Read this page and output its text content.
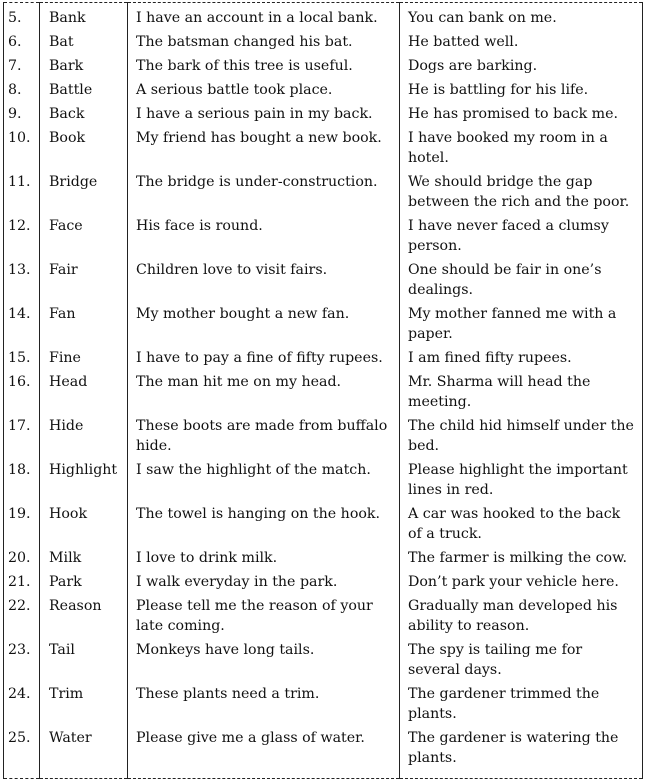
5.	Bank	I have an account in a local bank.	You can bank on me.
6.	Bat	The batsman changed his bat.	He batted well.
7.	Bark	The bark of this tree is useful.	Dogs are barking.
8.	Battle	A serious battle took place.	He is battling for his life.
9.	Back	I have a serious pain in my back.	He has promised to back me.
10.	Book	My friend has bought a new book.	I have booked my room in a hotel.
11.	Bridge	The bridge is under-construction.	We should bridge the gap between the rich and the poor.
12.	Face	His face is round.	I have never faced a clumsy person.
13.	Fair	Children love to visit fairs.	One should be fair in one’s dealings.
14.	Fan	My mother bought a new fan.	My mother fanned me with a paper.
15.	Fine	I have to pay a fine of fifty rupees.	I am fined fifty rupees.
16.	Head	The man hit me on my head.	Mr. Sharma will head the meeting.
17.	Hide	These boots are made from buffalo hide.	The child hid himself under the bed.
18.	Highlight	I saw the highlight of the match.	Please highlight the important lines in red.
19.	Hook	The towel is hanging on the hook.	A car was hooked to the back of a truck.
20.	Milk	I love to drink milk.	The farmer is milking the cow.
21.	Park	I walk everyday in the park.	Don’t park your vehicle here.
22.	Reason	Please tell me the reason of your late coming.	Gradually man developed his ability to reason.
23.	Tail	Monkeys have long tails.	The spy is tailing me for several days.
24.	Trim	These plants need a trim.	The gardener trimmed the plants.
25.	Water	Please give me a glass of water.	The gardener is watering the plants.
